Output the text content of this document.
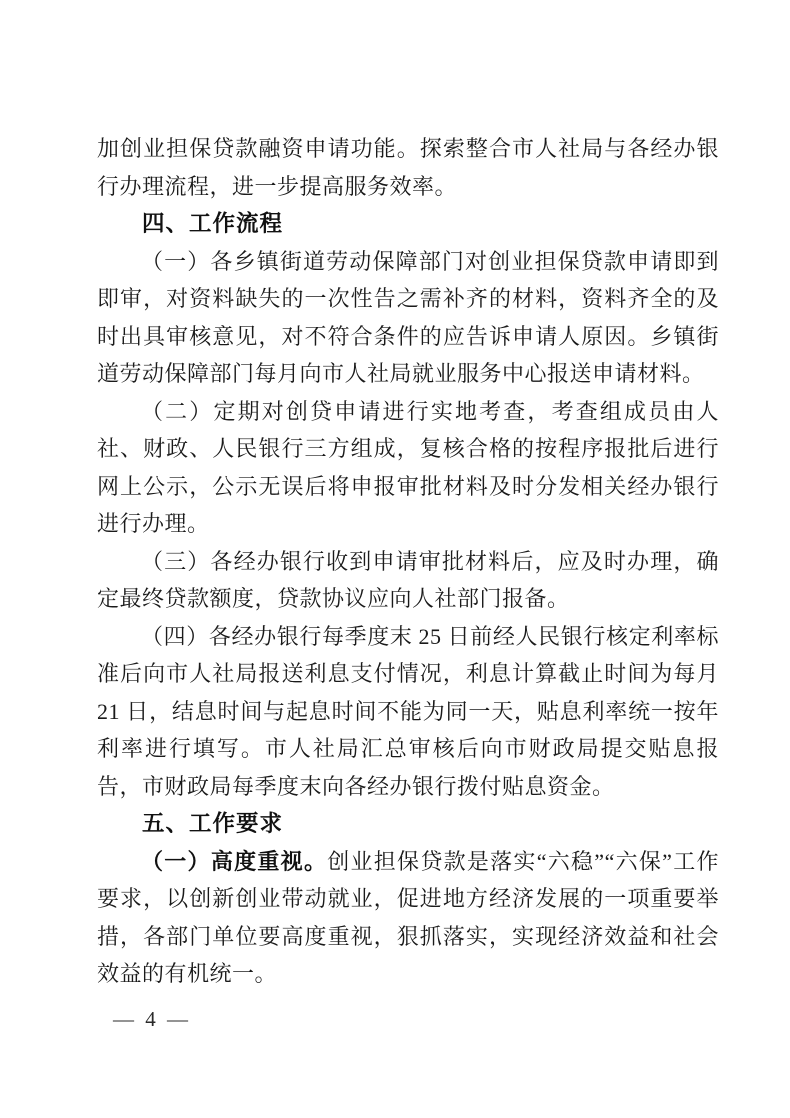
加创业担保贷款融资申请功能。探索整合市人社局与各经办银行办理流程，进一步提高服务效率。

四、工作流程

（一）各乡镇街道劳动保障部门对创业担保贷款申请即到即审，对资料缺失的一次性告之需补齐的材料，资料齐全的及时出具审核意见，对不符合条件的应告诉申请人原因。乡镇街道劳动保障部门每月向市人社局就业服务中心报送申请材料。

（二）定期对创贷申请进行实地考查，考查组成员由人社、财政、人民银行三方组成，复核合格的按程序报批后进行网上公示，公示无误后将申报审批材料及时分发相关经办银行进行办理。

（三）各经办银行收到申请审批材料后，应及时办理，确定最终贷款额度，贷款协议应向人社部门报备。

（四）各经办银行每季度末 25 日前经人民银行核定利率标准后向市人社局报送利息支付情况，利息计算截止时间为每月 21 日，结息时间与起息时间不能为同一天，贴息利率统一按年利率进行填写。市人社局汇总审核后向市财政局提交贴息报告，市财政局每季度末向各经办银行拨付贴息资金。

五、工作要求

（一）高度重视。创业担保贷款是落实“六稳”“六保”工作要求，以创新创业带动就业，促进地方经济发展的一项重要举措，各部门单位要高度重视，狠抓落实，实现经济效益和社会效益的有机统一。

— 4 —
